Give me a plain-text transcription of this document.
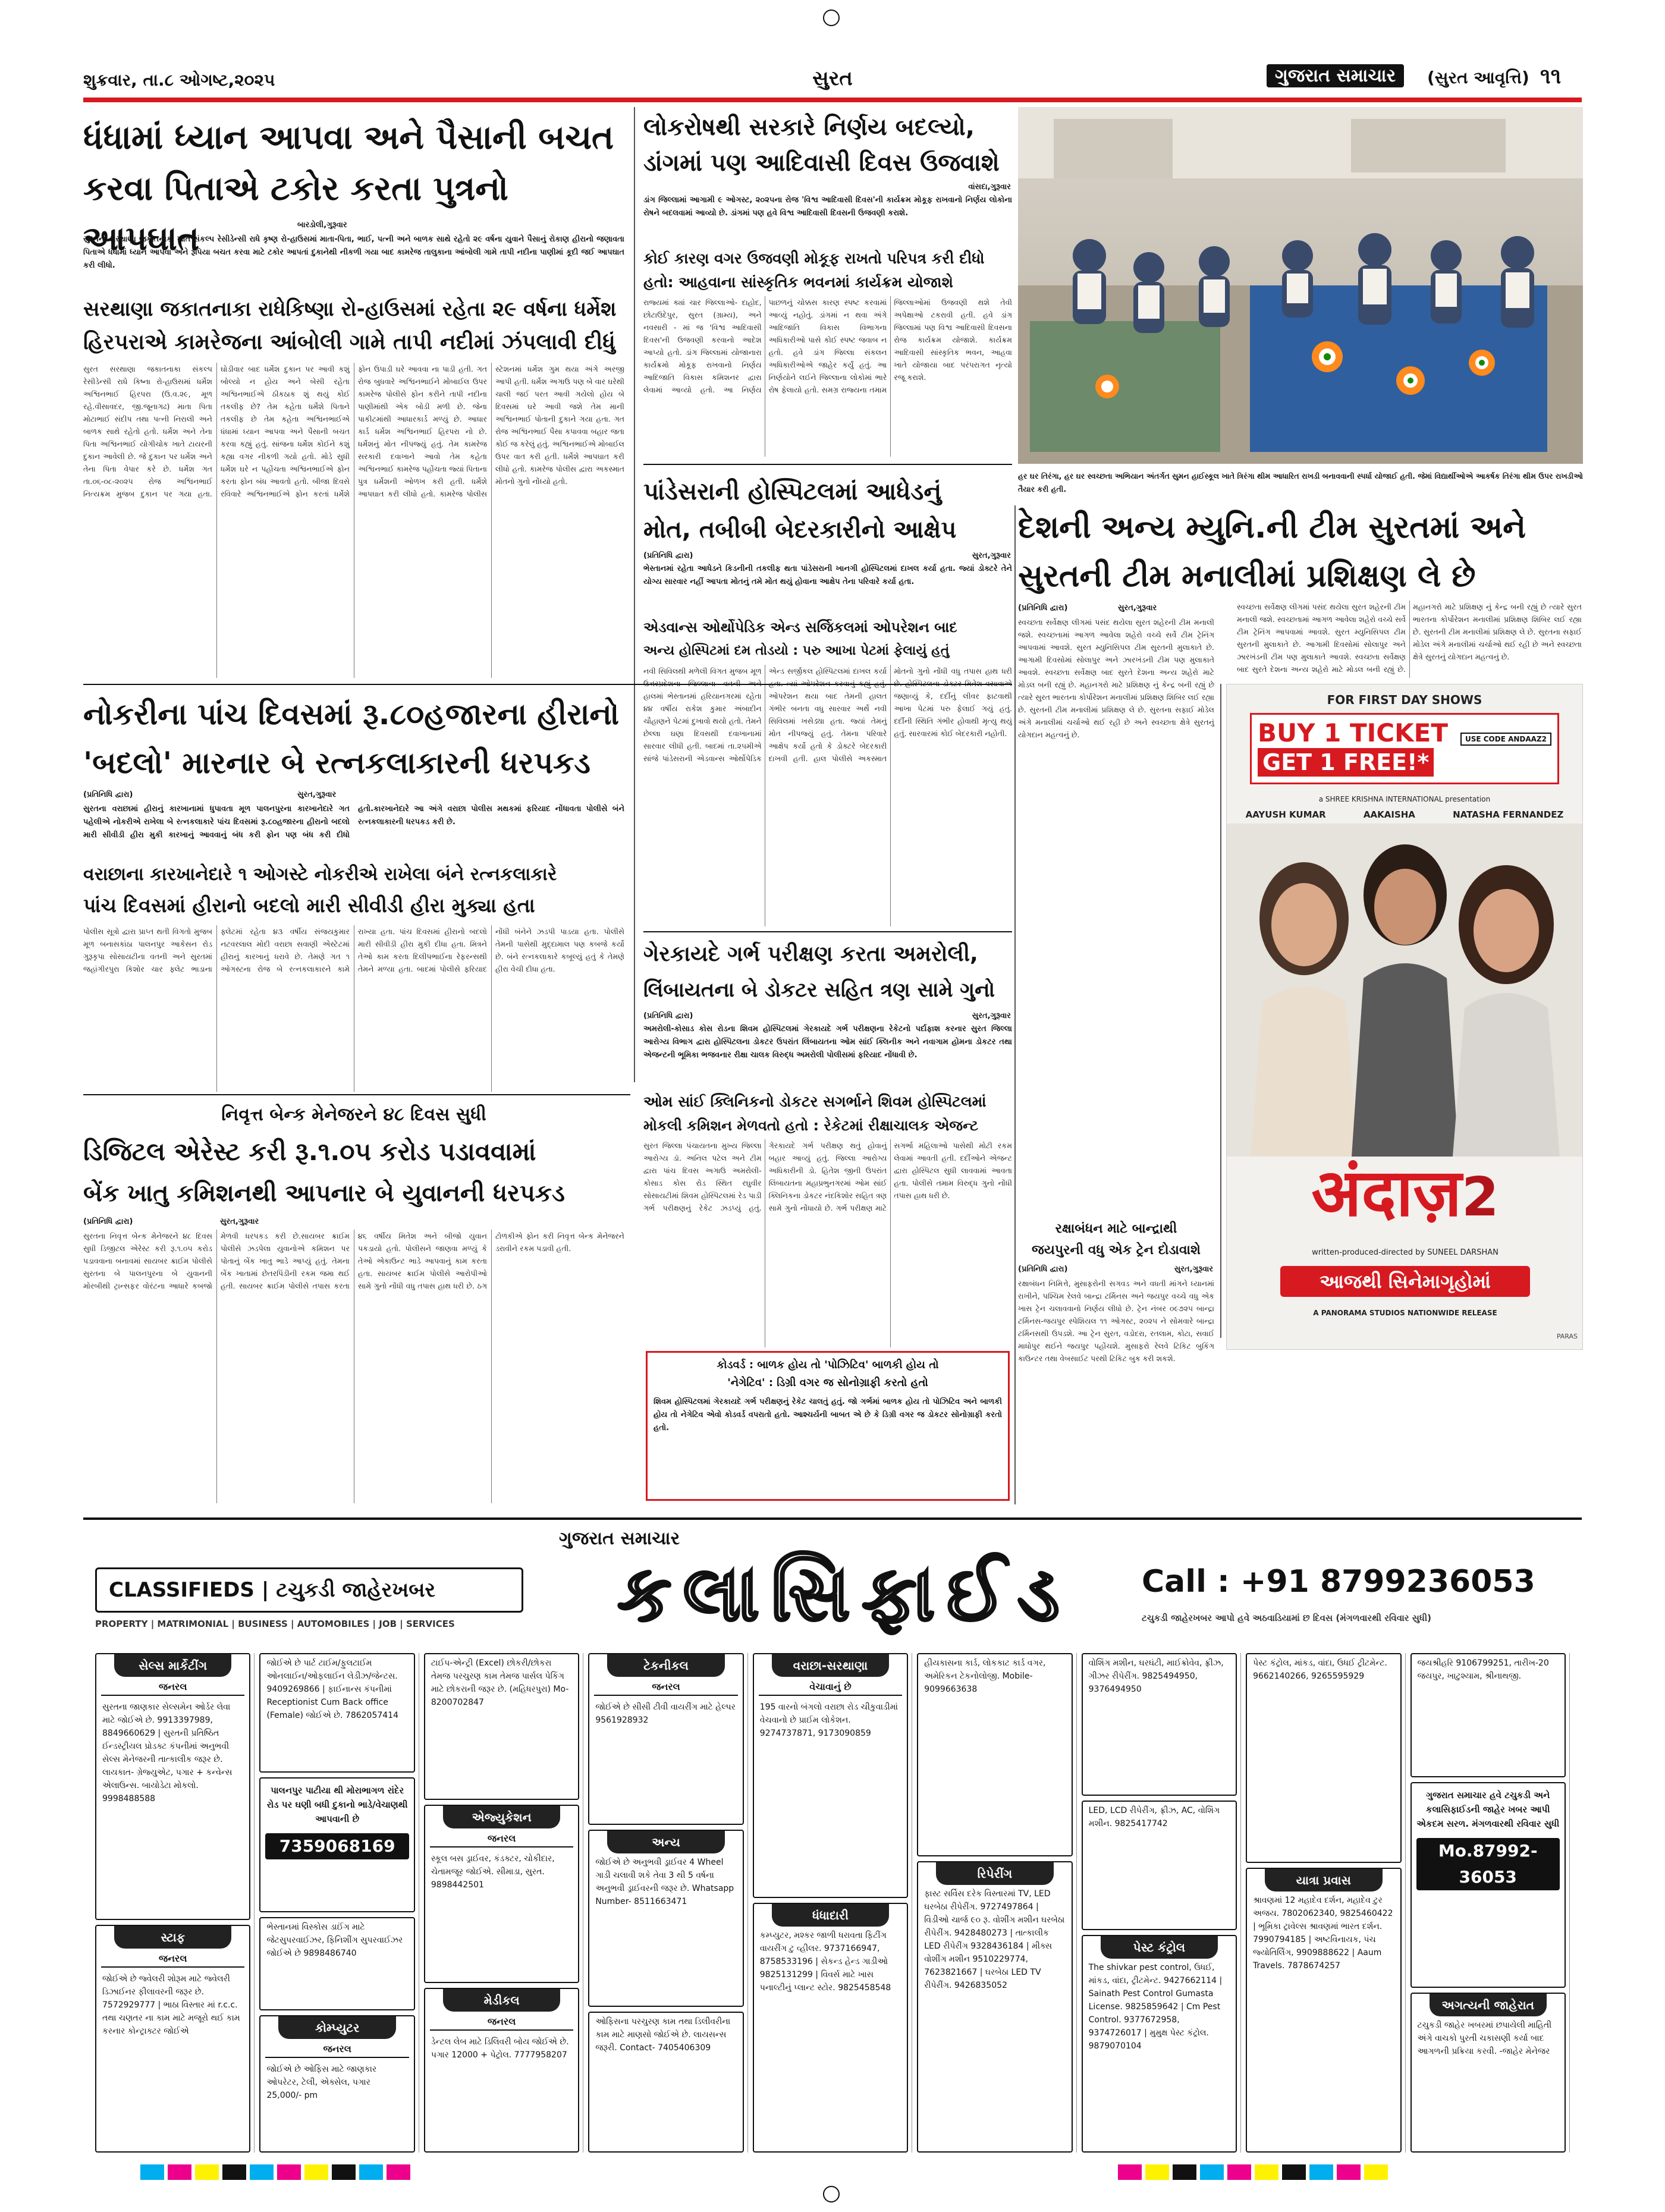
શુક્રવાર, તા.૮ ઓગષ્ટ,૨૦૨૫	સુરત	ગુજરાત સમાચાર	(સુરત આવૃત્તિ) ૧૧
ધંધામાં ધ્યાન આપવા અને પૈસાની બચત
કરવા પિતાએ ટકોર કરતા પુત્રનો આપઘાત	બારડોલી,ગુરૂવાર
સુરતના સરથાણા જકાતનાકા ખાતે સંકલ્પ રેસીડેન્સી રાધે કૃષ્ણ રો-હાઉસમાં માતા-પિતા, ભાઈ, પત્ની અને બાળક સાથે રહેતો ૨૯ વર્ષના યુવાને પૈસાનું રોકાણ હીરાનો જણાવતા પિતાએ ધંધામાં ધ્યાન આપવા અને રૂપિયા બચત કરવા માટે ટકોર આપતાં દુકાનેથી નીકળી ગયા બાદ કામરેજ તાલુકાના આંબોલી ગામે તાપી નદીના પાણીમાં કૂદી જઈ આપઘાત કરી લીધો.
સરથાણા જકાતનાકા રાધેકિષ્ણા રો-હાઉસમાં રહેતા ૨૯ વર્ષના ધર્મેશ
હિરપરાએ કામરેજના આંબોલી ગામે તાપી નદીમાં ઝંપલાવી દીધું
સુરત સરથાણા જકાતનાકા સંકલ્પ રેસીડેન્સી રાધે કિષ્ના રો-હાઉસમાં ધર્મેશ અશ્વિનભાઈ હિરપરા (ઉ.વ.૨૯, મૂળ રહે.વીસાવદર, જી.જૂનાગઢ) માતા પિતા મોટાભાઈ સંદીપ તથા પત્ની નિરાલી અને બાળક સાથે રહેતો હતો. ધર્મેશ અને તેના પિતા અશ્વિનભાઈ યોગીચોક ખાતે ટાયરની દુકાન આવેલી છે. જે દુકાન પર ધર્મેશ અને તેના પિતા વેપાર કરે છે. ધર્મેશ ગત તા.૦૬-૦૮-૨૦૨૫ રોજ અશ્વિનભાઈ નિત્યક્રમ મુજબ દુકાન પર ગયા હતા. ઘોડીવાર બાદ ધર્મેશ દુકાન પર આવી કશું બોલ્યો ન હોય અને બેસી રહેતા અશ્વિનભાઈએ ઠીકઠાક શું થયું કોઈ તકલીફ છે? તેમ કહેતા ધર્મેશે પિતાને તકલીફ છે તેમ કહેતા અશ્વિનભાઈએ ધંધામાં ધ્યાન આપવા અને પૈસાની બચત કરવા કહ્યું હતું. સાંજના ધર્મેશ કોઈને કશું કહ્યા વગર નીકળી ગયો હતો. મોડે સુધી ધર્મેશ ઘરે ન પહોંચતા અશ્વિનભાઈએ ફોન કરતા ફોન બંધ આવતો હતો. બીજા દિવસે રવિવારે અશ્વિનભાઈએ ફોન કરતાં ધર્મેશે ફોન ઉપાડી ઘરે આવવા ના પાડી હતી. ગત રોજ બુધવારે અશ્વિનભાઈને મોબાઈલ ઉપર કામરેજ પોલીસે ફોન કરીને તાપી નદીના પાણીમાંથી એક બોડી મળી છે. જેના પાકીટમાંથી આધારકાર્ડ મળ્યું છે. આધાર કાર્ડ ધર્મેશ અશ્વિનભાઈ હિરપરા નો છે. ધર્મેશનું મોત નીપજ્યું હતું. તેમ કામરેજ સરકારી દવાખાને આવો તેમ કહેતા અશ્વિનભાઈ કામરેજ પહોંચતા જ્યાં પિતાના પુત્ર ધર્મેશની ઓળખ કરી હતી. ધર્મેશે આપઘાત કરી લીધો હતો. કામરેજ પોલીસ સ્ટેશનમાં ધર્મેશ ગુમ થયા અંગે અરજી આપી હતી. ધર્મેશ અગાઉ પણ બે વાર ઘરેથી ચાલી જઈ પરત આવી ગયેલો હોય બે દિવસમાં ઘરે આવી જશે તેમ માની અશ્વિનભાઈ પોતાની દુકાને ગયા હતા. ગત રોજ અશ્વિનભાઈ પૈસા કપાવવા બહાર જતા કોઈ જ કરેલું હતું. અશ્વિનભાઈએ મોબાઈલ ઉપર વાત કરી હતી. ધર્મેશે આપઘાત કરી લીધો હતો. કામરેજ પોલીસ દ્વારા અકસ્માત મોતનો ગુનો નોંધ્યો હતો.
લોકરોષથી સરકારે નિર્ણય બદલ્યો,
ડાંગમાં પણ આદિવાસી દિવસ ઉજવાશે
વાંસદા,ગુરૂવાર
ડાંગ જિલ્લામાં આગામી ૯ ઓગસ્ટ, ૨૦૨૫ના રોજ 'વિશ્વ આદિવાસી દિવસ'ની કાર્યક્રમ મોકૂફ રાખવાનો નિર્ણય લોકોના રોષને બદલવામાં આવ્યો છે. ડાંગમાં પણ હવે વિશ્વ આદિવાસી દિવસની ઉજવણી કરાશે.
કોઈ કારણ વગર ઉજવણી મોકૂફ રાખતો પરિપત્ર કરી દીધો
હતો: આહવાના સાંસ્કૃતિક ભવનમાં કાર્યક્રમ યોજાશે
રાજ્યમાં ક્યાં ચાર જિલ્લાઓ- દાહોદ, છોટાઉદેપુર, સુરત (ગ્રામ્ય), અને નવસારી - માં જ 'વિશ્વ આદિવાસી દિવસ'ની ઉજવણી કરવાનો આદેશ આપ્યો હતો. ડાંગ જિલ્લામાં યોજાનારા કાર્યક્રમો મોકૂફ રાખવાનો નિર્ણય આદિજાતિ વિકાસ કમિશનર દ્વારા લેવામાં આવ્યો હતો. આ નિર્ણય પાછળનું ચોક્કસ કારણ સ્પષ્ટ કરવામાં આવ્યું નહોતું. ડાંગમાં ન થવા અંગે આદિજાતિ વિકાસ વિભાગના અધિકારીઓ પાસે કોઈ સ્પષ્ટ જવાબ ન હતો. હવે ડાંગ જિલ્લા સંકલન અધિકારીઓએ જાહેર કર્યું હતું. આ નિર્ણયોને લઈને જિલ્લાના લોકોમાં ભારે રોષ ફેલાયો હતો. સમગ્ર રાજ્યના તમામ જિલ્લાઓમાં ઉજવણી થશે તેવી અપેક્ષાઓ ટકરાવી હતી. હવે ડાંગ જિલ્લામાં પણ વિશ્વ આદિવાસી દિવસના રોજ કાર્યક્રમ યોજાશે. કાર્યક્રમ આદિવાસી સાંસ્કૃતિક ભવન, આહવા ખાતે યોજાયા બાદ પરંપરાગત નૃત્યો રજૂ કરાશે.
હર ઘર તિરંગા, હર ઘર સ્વચ્છતા અભિયાન અંતર્ગત સુમન હાઈસ્કૂલ ખાતે ત્રિરંગા થીમ આધારિત રાખડી બનાવવાની સ્પર્ધા યોજાઈ હતી. જેમાં વિદ્યાર્થીઓએ આકર્ષક તિરંગા થીમ ઉપર રાખડીઓ તૈયાર કરી હતી.
પાંડેસરાની હોસ્પિટલમાં આધેડનું
મોત, તબીબી બેદરકારીનો આક્ષેપ
(પ્રતિનિધિ દ્વારા)	સુરત,ગુરૂવાર
ભેસ્તાનમાં રહેતા આધેડને કિડનીની તકલીફ થતા પાંડેસરાની ખાનગી હોસ્પિટલમાં દાખલ કર્યા હતા. જ્યાં ડોક્ટરે તેને યોગ્ય સારવાર નહીં આપતા મોતનું તમે મોત થયું હોવાના આક્ષેપ તેના પરિવારે કર્યા હતા.
એડવાન્સ ઓર્થોપેડિક એન્ડ સર્જિકલમાં ઓપરેશન બાદ
અન્ય હોસ્પિટમાં દમ તોડયો : પરુ આખા પેટમાં ફેલાયું હતું
નવી સિવિલથી મળેલી વિગત મુજબ મૂળ હાલમાં ભેસ્તાનમાં હરિયાનગરમાં રહેતા ૪૪ વર્ષીય રાકેશ કુમાર અંબાદીન ચૌહાણને પેટમાં દુખાવો થયો હતો. તેમને છેલ્લા ઘણા દિવસથી દવાખાનામાં સારવાર લીધી હતી. બાદમાં તા.૨૫મીએ સાંજે પાંડેસરાની એડવાન્સ ઓર્થોપેડિક એન્ડ સર્જીકલ હોસ્પિટલમાં દાખલ કર્યા ઓપરેશન થયા બાદ તેમની હાલત ગંભીર બનતા વધુ સારવાર અર્થે નવી સિવિલમાં ખસેડ્યા હતા. જ્યાં તેમનું મોત નીપજ્યું હતું. તેમના પરિવારે આક્ષેપ કર્યો હતો કે ડોક્ટરે બેદરકારી દાખવી હતી. હાલ પોલીસે અકસ્માત મોતનો ગુનો નોંધી વધુ તપાસ હાથ ધરી જણાવ્યું કે, દર્દીનું લીવર ફાટવાથી આખા પેટમાં પરુ ફેલાઈ ગયું હતું. દર્દીની સ્થિતિ ગંભીર હોવાથી મૃત્યુ થયું હતું. સારવારમાં કોઈ બેદરકારી નહોતી.
દેશની અન્ય મ્યુનિ.ની ટીમ સુરતમાં અને
સુરતની ટીમ મનાલીમાં પ્રશિક્ષણ લે છે
(પ્રતિનિધિ દ્વારા)	સુરત,ગુરૂવાર	સ્વચ્છતા સર્વેક્ષણ લીગમાં પસંદ થયેલા સુરત શહેરની ટીમ મનાલી જશે. સ્વચ્છતામાં આગળ આવેલા શહેરો વચ્ચે સર્વે ટીમ ટ્રેનિંગ આપવામાં આવશે. સુરત મ્યુનિસિપલ ટીમ સુરતની મુલાકાતે છે. આગામી દિવસોમાં સોલાપુર અને ઝારખંડની ટીમ પણ મુલાકાતે આવશે. સ્વચ્છતા સર્વેક્ષણ બાદ સુરતે દેશના અન્ય શહેરો માટે મોડલ બની રહ્યું છે. મહાનગરો માટે પ્રશિક્ષણ નું કેન્દ્ર બની રહ્યું છે ત્યારે સુરત ભારતના કોર્પોરેશન મનાલીમાં પ્રશિક્ષણ શિબિર લઈ રહ્યા છે. સુરતની ટીમ મનાલીમાં પ્રશિક્ષણ લે છે. સુરતના સફાઈ મોડેલ અંગે મનાલીમાં ચર્ચાઓ થઈ રહી છે અને સ્વચ્છતા ક્ષેત્રે સુરતનું યોગદાન મહત્વનું છે.
સ્વચ્છતા સર્વેક્ષણ લીગમાં પસંદ થયેલા સુરત શહેરની ટીમ મનાલી જશે. સ્વચ્છતામાં આગળ આવેલા શહેરો વચ્ચે સર્વે ટીમ ટ્રેનિંગ આપવામાં આવશે. સુરત મ્યુનિસિપલ ટીમ સુરતની મુલાકાતે છે. આગામી દિવસોમાં સોલાપુર અને ઝારખંડની ટીમ પણ મુલાકાતે આવશે. સ્વચ્છતા સર્વેક્ષણ બાદ સુરતે દેશના અન્ય શહેરો માટે મોડલ બની રહ્યું છે. મહાનગરો માટે પ્રશિક્ષણ નું કેન્દ્ર બની રહ્યું છે ત્યારે સુરત ભારતના કોર્પોરેશન મનાલીમાં પ્રશિક્ષણ શિબિર લઈ રહ્યા છે. સુરતની ટીમ મનાલીમાં પ્રશિક્ષણ લે છે. સુરતના સફાઈ મોડેલ અંગે મનાલીમાં ચર્ચાઓ થઈ રહી છે અને સ્વચ્છતા ક્ષેત્રે સુરતનું યોગદાન મહત્વનું છે.
FOR FIRST DAY SHOWS
BUY 1 TICKET
GET 1 FREE!*
USE CODE ANDAAZ2
a SHREE KRISHNA INTERNATIONAL presentation
AAYUSH KUMAR	AAKAISHA	NATASHA FERNANDEZ
अंदाज़2
written-produced-directed by SUNEEL DARSHAN
આજથી સિનેમાગૃહોમાં
A PANORAMA STUDIOS NATIONWIDE RELEASE
PARAS
રક્ષાબંધન માટે બાન્દ્રાથી
જયપુરની વધુ એક ટ્રેન દોડાવાશે
(પ્રતિનિધિ દ્વારા)	સુરત,ગુરૂવાર
રક્ષાબંધન નિમિત્તે, મુસાફરોની સગવડ અને વધતી માંગને ધ્યાનમાં રાખીને, પશ્ચિમ રેલવે બાન્દ્રા ટર્મિનસ અને જયપુર વચ્ચે વધુ એક ખાસ ટ્રેન ચલાવવાનો નિર્ણય લીધો છે. ટ્રેન નંબર ૦૯૭૨૫ બાન્દ્રા ટર્મિનસ-જયપુર સ્પેશિયલ ૧૧ ઓગસ્ટ, ૨૦૨૫ ને સોમવારે બાન્દ્રા ટર્મિનસથી ઉપડશે. આ ટ્રેન સુરત, વડોદરા, રતલામ, કોટા, સવાઈ માધોપુર થઈને જયપુર પહોંચશે. મુસાફરો રેલવે ટિકિટ બુકિંગ કાઉન્ટર તથા વેબસાઈટ પરથી ટિકિટ બુક કરી શકશે.
નોકરીના પાંચ દિવસમાં રૂ.૮૦હજારના હીરાનો
'બદલો' મારનાર બે રત્નકલાકારની ધરપકડ
(પ્રતિનિધિ દ્વારા)	સુરત,ગુરૂવાર
સુરતના વરાછામાં હીરાનું કારખાનામાં ધુપાવતા મૂળ પાલનપુરના કારખાનેદારે ગત પહેલીએ નોકરીએ રાખેલા બે રત્નકલાકારે પાંચ દિવસમાં રૂ.૮૦હજારના હીરાનો બદલો મારી સીવીડી હીરા મુકી કારખાનું આવવાનું બંધ કરી ફોન પણ બંધ કરી દીધો હતો.કારખાનેદારે આ અંગે વરાછા પોલીસ મથકમાં ફરિયાદ નોંધાવતા પોલીસે બંને રત્નકલાકારની ધરપકડ કરી છે.
વરાછાના કારખાનેદારે ૧ ઓગસ્ટે નોકરીએ રાખેલા બંને રત્નકલાકારે
પાંચ દિવસમાં હીરાનો બદલો મારી સીવીડી હીરા મુક્યા હતા
પોલીસ સૂત્રો દ્વારા પ્રાપ્ત થતી વિગતો મુજબ મૂળ બનાસકાંઠા પાલનપુર આકેસન રોડ ગુરૂકૃપા સોસાયટીના વતની અને સુરતમાં જહાંગીરપુરા કિશોર ચાર ફ્લેટ ભાડાના ફ્લેટમાં રહેતા ૪૩ વર્ષીય સંજયકુમાર નટવરલાલ મોદી વરાછા સવાણી એસ્ટેટમાં હીરાનું કારખાનું ધરાવે છે. તેમણે ગત ૧ ઓગસ્ટના રોજ બે રત્નકલાકારને કામે રાખ્યા હતા. પાંચ દિવસમાં હીરાનો બદલો મારી સીવીડી હીરા મુકી દીધા હતા. મિત્રને તેઓ કામ કરતા દિલીપભાઈના રેફરન્સથી તેમને મળ્યા હતા. બાદમાં પોલીસે ફરિયાદ નોંધી બંનેને ઝડપી પાડયા હતા. પોલીસે તેમની પાસેથી મુદ્દામાલ પણ કબજે કર્યો છે. બંને રત્નકલાકારે કબૂલ્યું હતું કે તેમણે હીરા વેચી દીધા હતા.
નિવૃત્ત બેન્ક મેનેજરને ૪૮ દિવસ સુધી
ડિજિટલ એરેસ્ટ કરી રૂ.૧.૦૫ કરોડ પડાવવામાં
બેંક ખાતુ કમિશનથી આપનાર બે યુવાનની ધરપકડ
(પ્રતિનિધિ દ્વારા)	સુરત,ગુરૂવાર
સુરતના નિવૃત્ત બેન્ક મેનેજરને ૪૮ દિવસ સુધી ડિજીટલ એરેસ્ટ કરી રૂ.૧.૦૫ કરોડ પડાવવાના બનાવમાં સાયબર ક્રાઈમ પોલીસે સુરતના બે પાલનપુરના બે યુવાનની મોરબીથી ટ્રાન્સફર વોરંટના આધારે કબજો મેળવી ધરપકડ કરી છે.સાયબર ક્રાઈમ પોલીસે ઝડપેલા યુવાનોએ કમિશન પર પોતાનું બેંક ખાતુ ભાડે આપ્યું હતું. તેમના બેંક ખાતામાં છેતરપિંડીની રકમ જમા થઈ હતી. સાયબર ક્રાઈમ પોલીસે તપાસ કરતા ૪૬ વર્ષીય મિતેશ અને બીજો યુવાન પકડાયો હતો. પોલીસને જાણવા મળ્યું કે તેઓ એકાઉન્ટ ભાડે આપવાનું કામ કરતા હતા. સાયબર ક્રાઈમ પોલીસે આરોપીઓ સામે ગુનો નોંધી વધુ તપાસ હાથ ધરી છે. ઠગ ટોળકીએ ફોન કરી નિવૃત્ત બેન્ક મેનેજરને ડરાવીને રકમ પડાવી હતી.
ગેરકાયદે ગર્ભ પરીક્ષણ કરતા અમરોલી,
લિંબાયતના બે ડોકટર સહિત ત્રણ સામે ગુનો
(પ્રતિનિધિ દ્વારા)	સુરત,ગુરૂવાર
અમરોલી-કોસાડ કોસ રોડના શિવમ હોસ્પિટલમાં ગેરકાયદે ગર્ભ પરીક્ષણના રેકેટનો પર્દાફાશ કરનાર સુરત જિલ્લા આરોગ્ય વિભાગ દ્વારા હોસ્પિટલના ડોકટર ઉપરાંત લિંબાયતના ઓમ સાંઈ ક્લિનીક અને નવાગામ હોમના ડોકટર તથા એજન્ટની ભૂમિકા ભજવનાર રીક્ષા ચાલક વિરુદ્ધ અમરોલી પોલીસમાં ફરિયાદ નોંધાવી છે.
ઓમ સાંઈ ક્લિનિકનો ડોકટર સગર્ભાને શિવમ હોસ્પિટલમાં
મોકલી કમિશન મેળવતો હતો : રેકેટમાં રીક્ષાચાલક એજન્ટ
સુરત જિલ્લા પંચાયતના મુખ્ય જિલ્લા આરોગ્ય ડૉ. અનિલ પટેલ અને ટીમ દ્વારા પાંચ દિવસ અગાઉ અમરોલી-કોસાડ કોસ રોડ સ્થિત રઘુવીર સોસાયટીમાં શિવમ હોસ્પિટલમાં રેડ પાડી ગર્ભ પરીક્ષણનું રેકેટ ઝડપ્યું હતું. ગેરકાયદે ગર્ભ પરીક્ષણ થતું હોવાનું બહાર આવ્યું હતું. જિલ્લા આરોગ્ય અધિકારીની ડો. હિતેશ જીની ઉપરાંત લિંબાયતના મહાપ્રભુનગરમાં ઓમ સાંઈ ક્લિનિકના ડોકટર નંદકિશોર સહિત ત્રણ સામે ગુનો નોંધાયો છે. ગર્ભ પરીક્ષણ માટે સગર્ભા મહિલાઓ પાસેથી મોટી રકમ લેવામાં આવતી હતી. દર્દીઓને એજન્ટ દ્વારા હોસ્પિટલ સુધી લાવવામાં આવતા હતા. પોલીસે તમામ વિરુદ્ધ ગુનો નોંધી તપાસ હાથ ધરી છે.
કોડવર્ડ : બાળક હોય તો 'પોઝિટિવ' બાળકી હોય તો
'નેગેટિવ' : ડિગ્રી વગર જ સોનોગ્રાફી કરતો હતો
શિવમ હોસ્પિટલમાં ગેરકાયદે ગર્ભ પરીક્ષણનું રેકેટ ચાલતું હતું. જો ગર્ભમાં બાળક હોય તો પોઝિટિવ અને બાળકી હોય તો નેગેટિવ એવો કોડવર્ડ વપરાતો હતો. આશ્ચર્યની બાબત એ છે કે ડિગ્રી વગર જ ડોકટર સોનોગ્રાફી કરતો હતો.
CLASSIFIEDS | ટચુકડી જાહેરખબર
PROPERTY | MATRIMONIAL | BUSINESS | AUTOMOBILES | JOB | SERVICES
ગુજરાત સમાચાર
કલાસિફાઈડ	Call : +91 8799236053
ટચુકડી જાહેરખબર આપો હવે અઠવાડિયામાં છ દિવસ (મંગળવારથી રવિવાર સુધી)
સેલ્સ માર્કેટીંગ
જનરલ
સુરતના જાણકાર સેલ્સમેન ઓર્ડર લેવા માટે જોઈએ છે. 9913397989, 8849660629 | સુરતની પ્રતિષ્ઠિત ઈન્ડસ્ટ્રીયલ પ્રોડક્ટ કંપનીમાં અનુભવી સેલ્સ મેનેજરની તાત્કાલીક જરૂર છે. લાયકાત- ગ્રેજ્યુએટ, પગાર + કન્વેન્સ એલાઉન્સ. બાયોડેટા મોકલો. 9998488588
સ્ટાફ
જનરલ
જોઈએ છે જ્વેલરી શોરૂમ માટે જ્વેલરી ડિઝાઈનર ફીલાવરની જરૂર છે. 7572929777 | ભાઠા વિસ્તાર માં r.c.c. તથા ચણતર ના કામ માટે મજૂરો થઈ કામ કરનાર કોન્ટ્રાક્ટર જોઈએ
જોઈએ છે પાર્ટ ટાઈમ/ફુલટાઈમ ઓનલાઈન/ઓફલાઈન લેડીઝ/જેન્ટસ. 9409269866 | ફાઈનાન્સ કંપનીમાં Receptionist Cum Back office (Female) જોઈએ છે. 7862057414
પાલનપુર પાટીયા થી મોરાભાગળ રાંદેર રોડ પર ઘણી બધી દુકાનો ભાડે/વેચાણથી આપવાની છે
7359068169
ભેસ્તાનમાં વિસ્કોસ ડાઈંગ માટે જેટસુપરવાઈઝર, ફિનિશીંગ સુપરવાઈઝર જોઈએ છે 9898486740
કોમ્પ્યુટર
જનરલ
જોઈએ છે ઓફિસ માટે જાણકાર ઓપરેટર, ટેલી, એક્સેલ, પગાર 25,000/- pm
ટાઈપ-એન્ટ્રી (Excel) છોકરી/છોકરા તેમજ પરચુરણ કામ તેમજ પાર્સલ પેકિંગ માટે છોકરાની જરૂર છે. (મહિધરપુરા) Mo- 8200702847
એજ્યુકેશન
જનરલ
સ્કૂલ બસ ડ્રાઈવર, કંડક્ટર, ચોકીદાર, ચેતામજૂર જોઈએ. સીમાડા, સુરત. 9898442501
મેડીકલ
જનરલ
ડેન્ટલ લેબ માટે ડિલિવરી બોય જોઈએ છે. પગાર 12000 + પેટ્રોલ. 7777958207
ટેકનીકલ
જનરલ
જોઈએ છે સીસી ટીવી વાયરીંગ માટે હેલ્પર 9561928932
અન્ય
જોઈએ છે અનુભવી ડ્રાઈવર 4 Wheel ગાડી ચલાવી શકે તેવા 3 થી 5 વર્ષના અનુભવી ડ્રાઈવરની જરૂર છે. Whatsapp Number- 8511663471
ઓફિસના પરચુરણ કામ તથા ડિલીવરીના કામ માટે માણસો જોઈએ છે. લાયસન્સ જરૂરી. Contact- 7405406309
વરાછા-સરથાણા
વેચાવાનું છે
195 વારનો બંગલો વરાછા રોડ ચીકુવાડીમાં વેચવાનો છે પ્રાઈમ લોકેશન. 9274737871, 9173090859
ધંધાદારી
કમ્પ્યુટર, મશ્કર જાળી ધરાવતા ફિટીંગ વાયરીંગ ટુ વ્હીલર. 9737166947, 8758533196 | સેકન્ડ હેન્ડ ગાડીઓ 9825131299 | વિવર્સ માટે ખાસ પનાલ્ટીનું પ્લાન્ટ સ્ટોર. 9825458548
હીયકાસના કાર્ડ, લોકકાટ કાર્ડ વગર, અમેરિકન ટેકનોલોજી. Mobile- 9099663638
રિપેરીંગ
ફાસ્ટ સર્વિસ દરેક વિસ્તારમાં TV, LED ઘરબેઠા રીપેરીંગ. 9727497864 | વિડીઓ ચાર્જ ૯૦ રૂ. વોશીંગ મશીન ઘરબેઠા રીપેરીંગ. 9428480273 | તાત્કાલીક LED રીપેરીંગ 9328436184 | મીક્સ વોશીંગ મશીન 9510229774, 7623821667 | ઘરબેઠા LED TV રીપેરીંગ. 9426835052
વોશિંગ મશીન, ઘરઘંટી, માઈક્રોવેવ, ફ્રીઝ, ગીઝર રીપેરીંગ. 9825494950, 9376494950
LED, LCD રીપેરીંગ, ફ્રીઝ, AC, વોશિંગ મશીન. 9825417742
પેસ્ટ કંટ્રોલ
The shivkar pest control, ઉધઈ, માંકડ, વાંદા, ટ્રીટમેન્ટ. 9427662114 | Sainath Pest Control Gumasta License. 9825859642 | Cm Pest Control. 9377672958, 9374726017 | મુમુક્ષ પેસ્ટ કંટ્રોલ. 9879070104
પેસ્ટ કંટ્રોલ, માંકડ, વાંદા, ઉધઈ ટ્રીટમેન્ટ. 9662140266, 9265595929
યાત્રા પ્રવાસ
શ્રાવણમાં 12 મહાદેવ દર્શન, મહાદેવ ટુર અજય. 7802062340, 9825460422 | ભૂમિકા ટ્રાવેલ્સ શ્રાવણમાં ભારત દર્શન. 7990794185 | અષ્ટવિનાયક, પંચ જ્યોતિર્લિંગ, 9909888622 | Aaum Travels. 7878674257
જયશ્રીહરિ 9106799251, તારીખ-20 જયપુર, ખાટુશ્યામ, શ્રીનાથજી.
ગુજરાત સમાચાર હવે ટચુકડી અને કલાસિફાઈડની જાહેર ખબર આપી એકદમ સરળ. મંગળવારથી રવિવાર સુધી
Mo.87992-36053
અગત્યની જાહેરાત
ટચુકડી જાહેર ખબરમાં છપાયેલી માહિતી અંગે વાચકો પુરતી ચકાસણી કર્યા બાદ આગળની પ્રક્રિયા કરવી. -જાહેર મેનેજર
